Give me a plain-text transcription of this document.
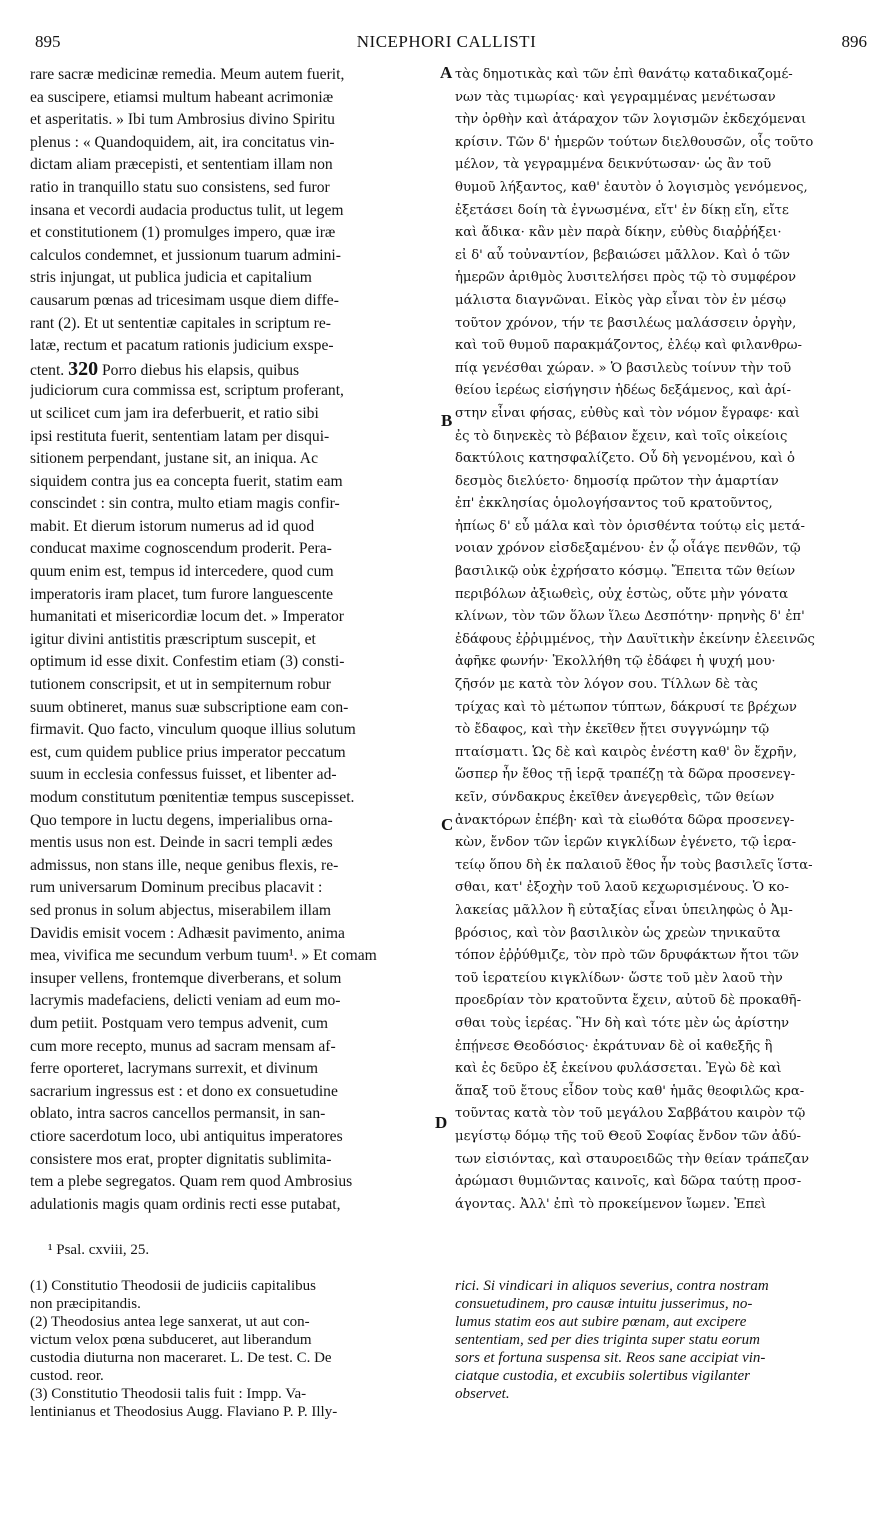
895	NICEPHORI CALLISTI	896
A
B
C
D
rare sacræ medicinæ remedia. Meum autem fuerit,
ea suscipere, etiamsi multum habeant acrimoniæ
et asperitatis. » Ibi tum Ambrosius divino Spiritu
plenus : « Quandoquidem, ait, ira concitatus vin-
dictam aliam præcepisti, et sententiam illam non
ratio in tranquillo statu suo consistens, sed furor
insana et vecordi audacia productus tulit, ut legem
et constitutionem (1) promulges impero, quæ iræ
calculos condemnet, et jussionum tuarum admini-
stris injungat, ut publica judicia et capitalium
causarum pœnas ad tricesimam usque diem diffe-
rant (2). Et ut sententiæ capitales in scriptum re-
latæ, rectum et pacatum rationis judicium exspe-
ctent. 320 Porro diebus his elapsis, quibus
judiciorum cura commissa est, scriptum proferant,
ut scilicet cum jam ira deferbuerit, et ratio sibi
ipsi restituta fuerit, sententiam latam per disqui-
sitionem perpendant, justane sit, an iniqua. Ac
siquidem contra jus ea concepta fuerit, statim eam
conscindet : sin contra, multo etiam magis confir-
mabit. Et dierum istorum numerus ad id quod
conducat maxime cognoscendum proderit. Pera-
quum enim est, tempus id intercedere, quod cum
imperatoris iram placet, tum furore languescente
humanitati et misericordiæ locum det. » Imperator
igitur divini antistitis præscriptum suscepit, et
optimum id esse dixit. Confestim etiam (3) consti-
tutionem conscripsit, et ut in sempiternum robur
suum obtineret, manus suæ subscriptione eam con-
firmavit. Quo facto, vinculum quoque illius solutum
est, cum quidem publice prius imperator peccatum
suum in ecclesia confessus fuisset, et libenter ad-
modum constitutum pœnitentiæ tempus suscepisset.
Quo tempore in luctu degens, imperialibus orna-
mentis usus non est. Deinde in sacri templi ædes
admissus, non stans ille, neque genibus flexis, re-
rum universarum Dominum precibus placavit :
sed pronus in solum abjectus, miserabilem illam
Davidis emisit vocem : Adhæsit pavimento, anima
mea, vivifica me secundum verbum tuum¹. » Et comam
insuper vellens, frontemque diverberans, et solum
lacrymis madefaciens, delicti veniam ad eum mo-
dum petiit. Postquam vero tempus advenit, cum
cum more recepto, munus ad sacram mensam af-
ferre oporteret, lacrymans surrexit, et divinum
sacrarium ingressus est : et dono ex consuetudine
oblato, intra sacros cancellos permansit, in san-
ctiore sacerdotum loco, ubi antiquitus imperatores
consistere mos erat, propter dignitatis sublimita-
tem a plebe segregatos. Quam rem quod Ambrosius
adulationis magis quam ordinis recti esse putabat,
τὰς δημοτικὰς καὶ τῶν ἐπὶ θανάτῳ καταδικαζομέ-
νων τὰς τιμωρίας· καὶ γεγραμμένας μενέτωσαν
τὴν ὀρθὴν καὶ ἀτάραχον τῶν λογισμῶν ἐκδεχόμεναι
κρίσιν. Τῶν δ' ἡμερῶν τούτων διελθουσῶν, οἷς τοῦτο
μέλον, τὰ γεγραμμένα δεικνύτωσαν· ὡς ἂν τοῦ
θυμοῦ λήξαντος, καθ' ἑαυτὸν ὁ λογισμὸς γενόμενος,
ἐξετάσει δοίη τὰ ἐγνωσμένα, εἴτ' ἐν δίκῃ εἴη, εἴτε
καὶ ἄδικα· κἂν μὲν παρὰ δίκην, εὐθὺς διαῤῥήξει·
εἰ δ' αὖ τοὐναντίον, βεβαιώσει μᾶλλον. Καὶ ὁ τῶν
ἡμερῶν ἀριθμὸς λυσιτελήσει πρὸς τῷ τὸ συμφέρον
μάλιστα διαγνῶναι. Εἰκὸς γὰρ εἶναι τὸν ἐν μέσῳ
τοῦτον χρόνον, τήν τε βασιλέως μαλάσσειν ὀργὴν,
καὶ τοῦ θυμοῦ παρακμάζοντος, ἐλέῳ καὶ φιλανθρω-
πίᾳ γενέσθαι χώραν. » Ὁ βασιλεὺς τοίνυν τὴν τοῦ
θείου ἱερέως εἰσήγησιν ἡδέως δεξάμενος, καὶ ἀρί-
στην εἶναι φήσας, εὐθὺς καὶ τὸν νόμον ἔγραφε· καὶ
ἐς τὸ διηνεκὲς τὸ βέβαιον ἔχειν, καὶ τοῖς οἰκείοις
δακτύλοις κατησφαλίζετο. Οὗ δὴ γενομένου, καὶ ὁ
δεσμὸς διελύετο· δημοσίᾳ πρῶτον τὴν ἁμαρτίαν
ἐπ' ἐκκλησίας ὁμολογήσαντος τοῦ κρατοῦντος,
ἠπίως δ' εὖ μάλα καὶ τὸν ὁρισθέντα τούτῳ εἰς μετά-
νοιαν χρόνον εἰσδεξαμένου· ἐν ᾧ οἷάγε πενθῶν, τῷ
βασιλικῷ οὐκ ἐχρήσατο κόσμῳ. Ἔπειτα τῶν θείων
περιβόλων ἀξιωθεὶς, οὐχ ἑστὼς, οὔτε μὴν γόνατα
κλίνων, τὸν τῶν ὅλων ἵλεω Δεσπότην· πρηνὴς δ' ἐπ'
ἐδάφους ἐῤῥιμμένος, τὴν Δαυϊτικὴν ἐκείνην ἐλεεινῶς
ἀφῆκε φωνήν· Ἐκολλήθη τῷ ἐδάφει ἡ ψυχή μου·
ζῆσόν με κατὰ τὸν λόγον σου. Τίλλων δὲ τὰς
τρίχας καὶ τὸ μέτωπον τύπτων, δάκρυσί τε βρέχων
τὸ ἔδαφος, καὶ τὴν ἐκεῖθεν ᾔτει συγγνώμην τῷ
πταίσματι. Ὡς δὲ καὶ καιρὸς ἐνέστη καθ' ὃν ἔχρῆν,
ὥσπερ ἦν ἔθος τῇ ἱερᾷ τραπέζῃ τὰ δῶρα προσενεγ-
κεῖν, σύνδακρυς ἐκεῖθεν ἀνεγερθεὶς, τῶν θείων
ἀνακτόρων ἐπέβη· καὶ τὰ εἰωθότα δῶρα προσενεγ-
κὼν, ἔνδον τῶν ἱερῶν κιγκλίδων ἐγένετο, τῷ ἱερα-
τείῳ ὅπου δὴ ἐκ παλαιοῦ ἔθος ἦν τοὺς βασιλεῖς ἵστα-
σθαι, κατ' ἐξοχὴν τοῦ λαοῦ κεχωρισμένους. Ὁ κο-
λακείας μᾶλλον ἢ εὐταξίας εἶναι ὑπειληφὼς ὁ Ἀμ-
βρόσιος, καὶ τὸν βασιλικὸν ὡς χρεὼν τηνικαῦτα
τόπον ἐῤῥύθμιζε, τὸν πρὸ τῶν δρυφάκτων ἤτοι τῶν
τοῦ ἱερατείου κιγκλίδων· ὥστε τοῦ μὲν λαοῦ τὴν
προεδρίαν τὸν κρατοῦντα ἔχειν, αὐτοῦ δὲ προκαθῆ-
σθαι τοὺς ἱερέας. Ἣν δὴ καὶ τότε μὲν ὡς ἀρίστην
ἐπῄνεσε Θεοδόσιος· ἐκράτυναν δὲ οἱ καθεξῆς ἢ
καὶ ἐς δεῦρο ἐξ ἐκείνου φυλάσσεται. Ἐγὼ δὲ καὶ
ἅπαξ τοῦ ἔτους εἶδον τοὺς καθ' ἡμᾶς θεοφιλῶς κρα-
τοῦντας κατὰ τὸν τοῦ μεγάλου Σαββάτου καιρὸν τῷ
μεγίστῳ δόμῳ τῆς τοῦ Θεοῦ Σοφίας ἔνδον τῶν ἀδύ-
των εἰσιόντας, καὶ σταυροειδῶς τὴν θείαν τράπεζαν
ἀρώμασι θυμιῶντας καινοῖς, καὶ δῶρα ταύτῃ προσ-
άγοντας. Ἀλλ' ἐπὶ τὸ προκείμενον ἴωμεν. Ἐπεὶ
¹ Psal. cxviii, 25.
(1) Constitutio Theodosii de judiciis capitalibus
non præcipitandis.
(2) Theodosius antea lege sanxerat, ut aut con-
victum velox pœna subduceret, aut liberandum
custodia diuturna non maceraret. L. De test. C. De
custod. reor.
(3) Constitutio Theodosii talis fuit : Impp. Va-
lentinianus et Theodosius Augg. Flaviano P. P. Illy-
rici. Si vindicari in aliquos severius, contra nostram
consuetudinem, pro causæ intuitu jusserimus, no-
lumus statim eos aut subire pœnam, aut excipere
sententiam, sed per dies triginta super statu eorum
sors et fortuna suspensa sit. Reos sane accipiat vin-
ciatque custodia, et excubiis solertibus vigilanter
observet.
